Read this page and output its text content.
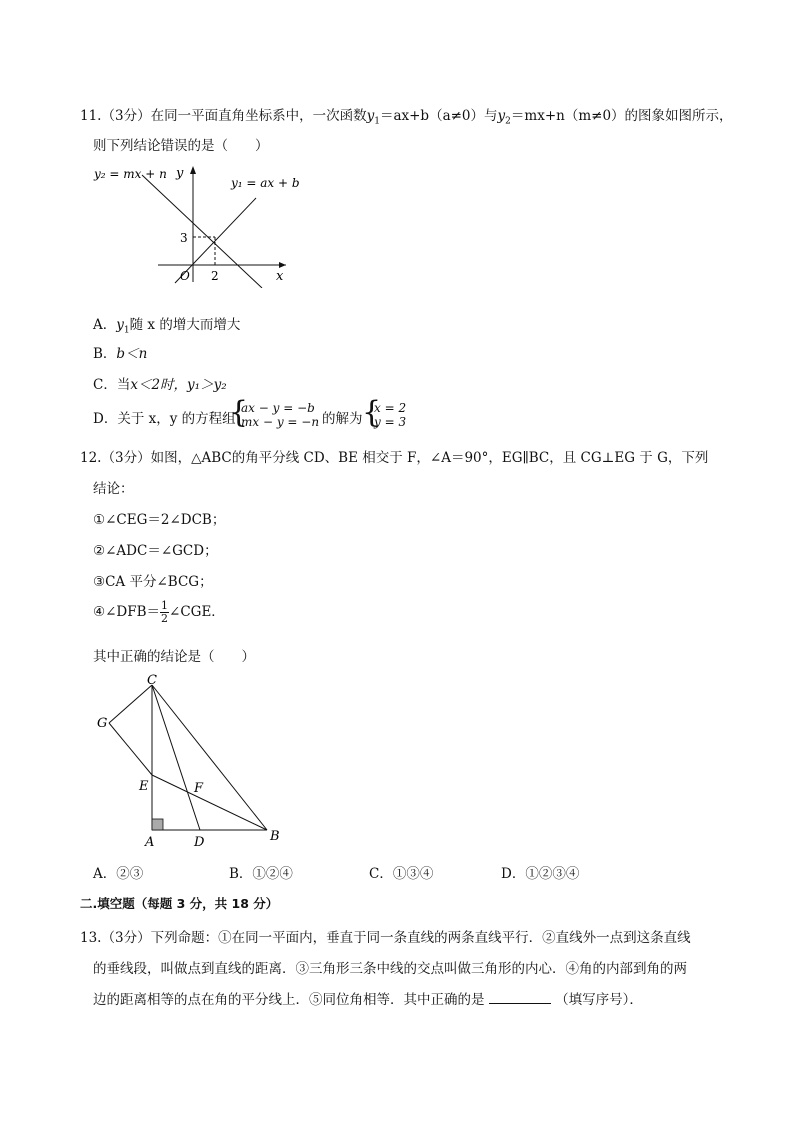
11.（3分）在同一平面直角坐标系中，一次函数$y_1=ax+b(a\ne 0)$与$y_2=mx+n(m\ne 0)$的图象如图所示，
则下列结论错误的是（　　）
y₂ = mx + n
y₁ = ax + b
y
x
O
3
2
A．$y_1$随 x 的增大而增大
B．b＜n
C．当x＜2时，y₁＞y₂
D．关于 x，y 的方程组
{
ax − y = −b
mx − y = −n 的解为 {
x = 2
y = 3
12.（3分）如图，△ABC的角平分线 CD、BE 相交于 F，∠A＝90°，EG∥BC，且 CG⊥EG 于 G，下列
结论：
①∠CEG＝2∠DCB；
②∠ADC＝∠GCD；
③CA 平分∠BCG；
④∠DFB＝ $\frac{1}{2}$ ∠CGE．
其中正确的结论是（　　）
C
G
E	F
A	D	B
A．②③	B．①②④	C．①③④	D．①②③④
二.填空题（每题 3 分，共 18 分）
13.（3分）下列命题：①在同一平面内，垂直于同一条直线的两条直线平行．②直线外一点到这条直线
的垂线段，叫做点到直线的距离．③三角形三条中线的交点叫做三角形的内心．④角的内部到角的两
边的距离相等的点在角的平分线上．⑤同位角相等．其中正确的是	（填写序号）．
